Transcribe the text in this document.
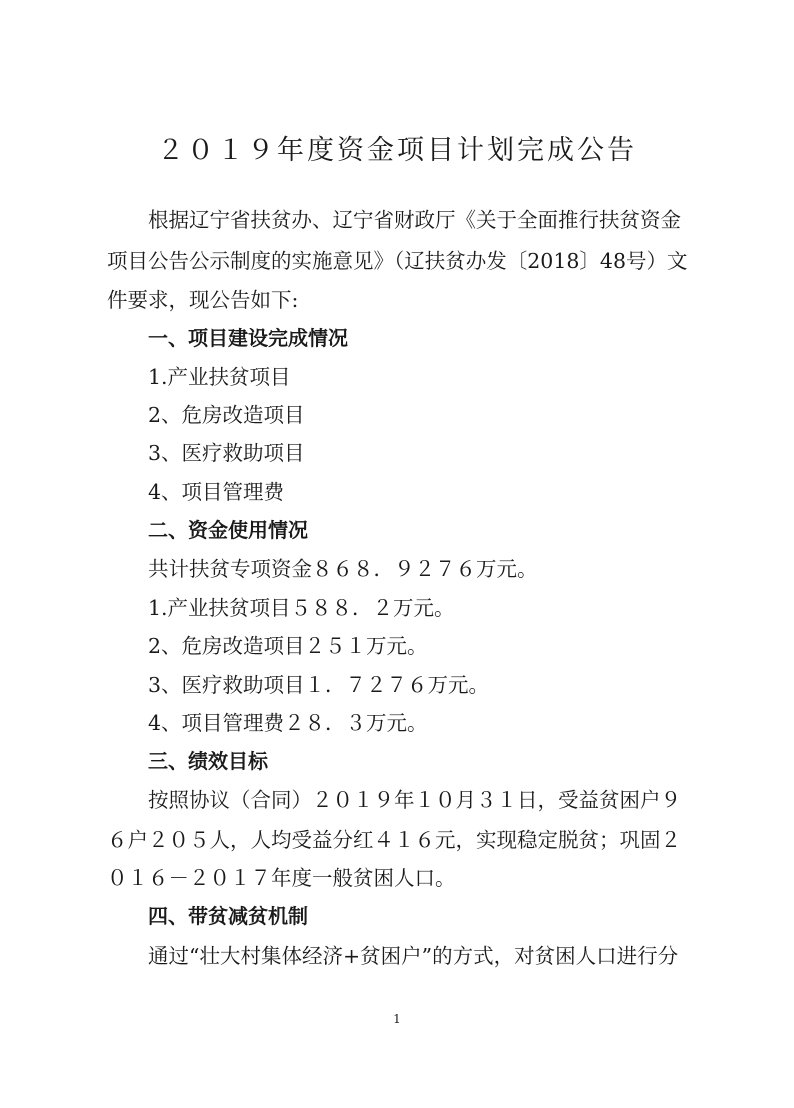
２０１９年度资金项目计划完成公告
根据辽宁省扶贫办、辽宁省财政厅《关于全面推行扶贫资金
项目公告公示制度的实施意见》（辽扶贫办发〔2018〕48号）文
件要求，现公告如下:
一、项目建设完成情况
1.产业扶贫项目
2、危房改造项目
3、医疗救助项目
4、项目管理费
二、资金使用情况
共计扶贫专项资金８６８．９２７６万元。
1.产业扶贫项目５８８．２万元。
2、危房改造项目２５１万元。
3、医疗救助项目１．７２７６万元。
4、项目管理费２８．３万元。
三、绩效目标
按照协议（合同）２０１９年１０月３１日，受益贫困户９
６户２０５人，人均受益分红４１６元，实现稳定脱贫；巩固２
０１６－２０１７年度一般贫困人口。
四、带贫减贫机制
通过“壮大村集体经济+贫困户”的方式，对贫困人口进行分
1
